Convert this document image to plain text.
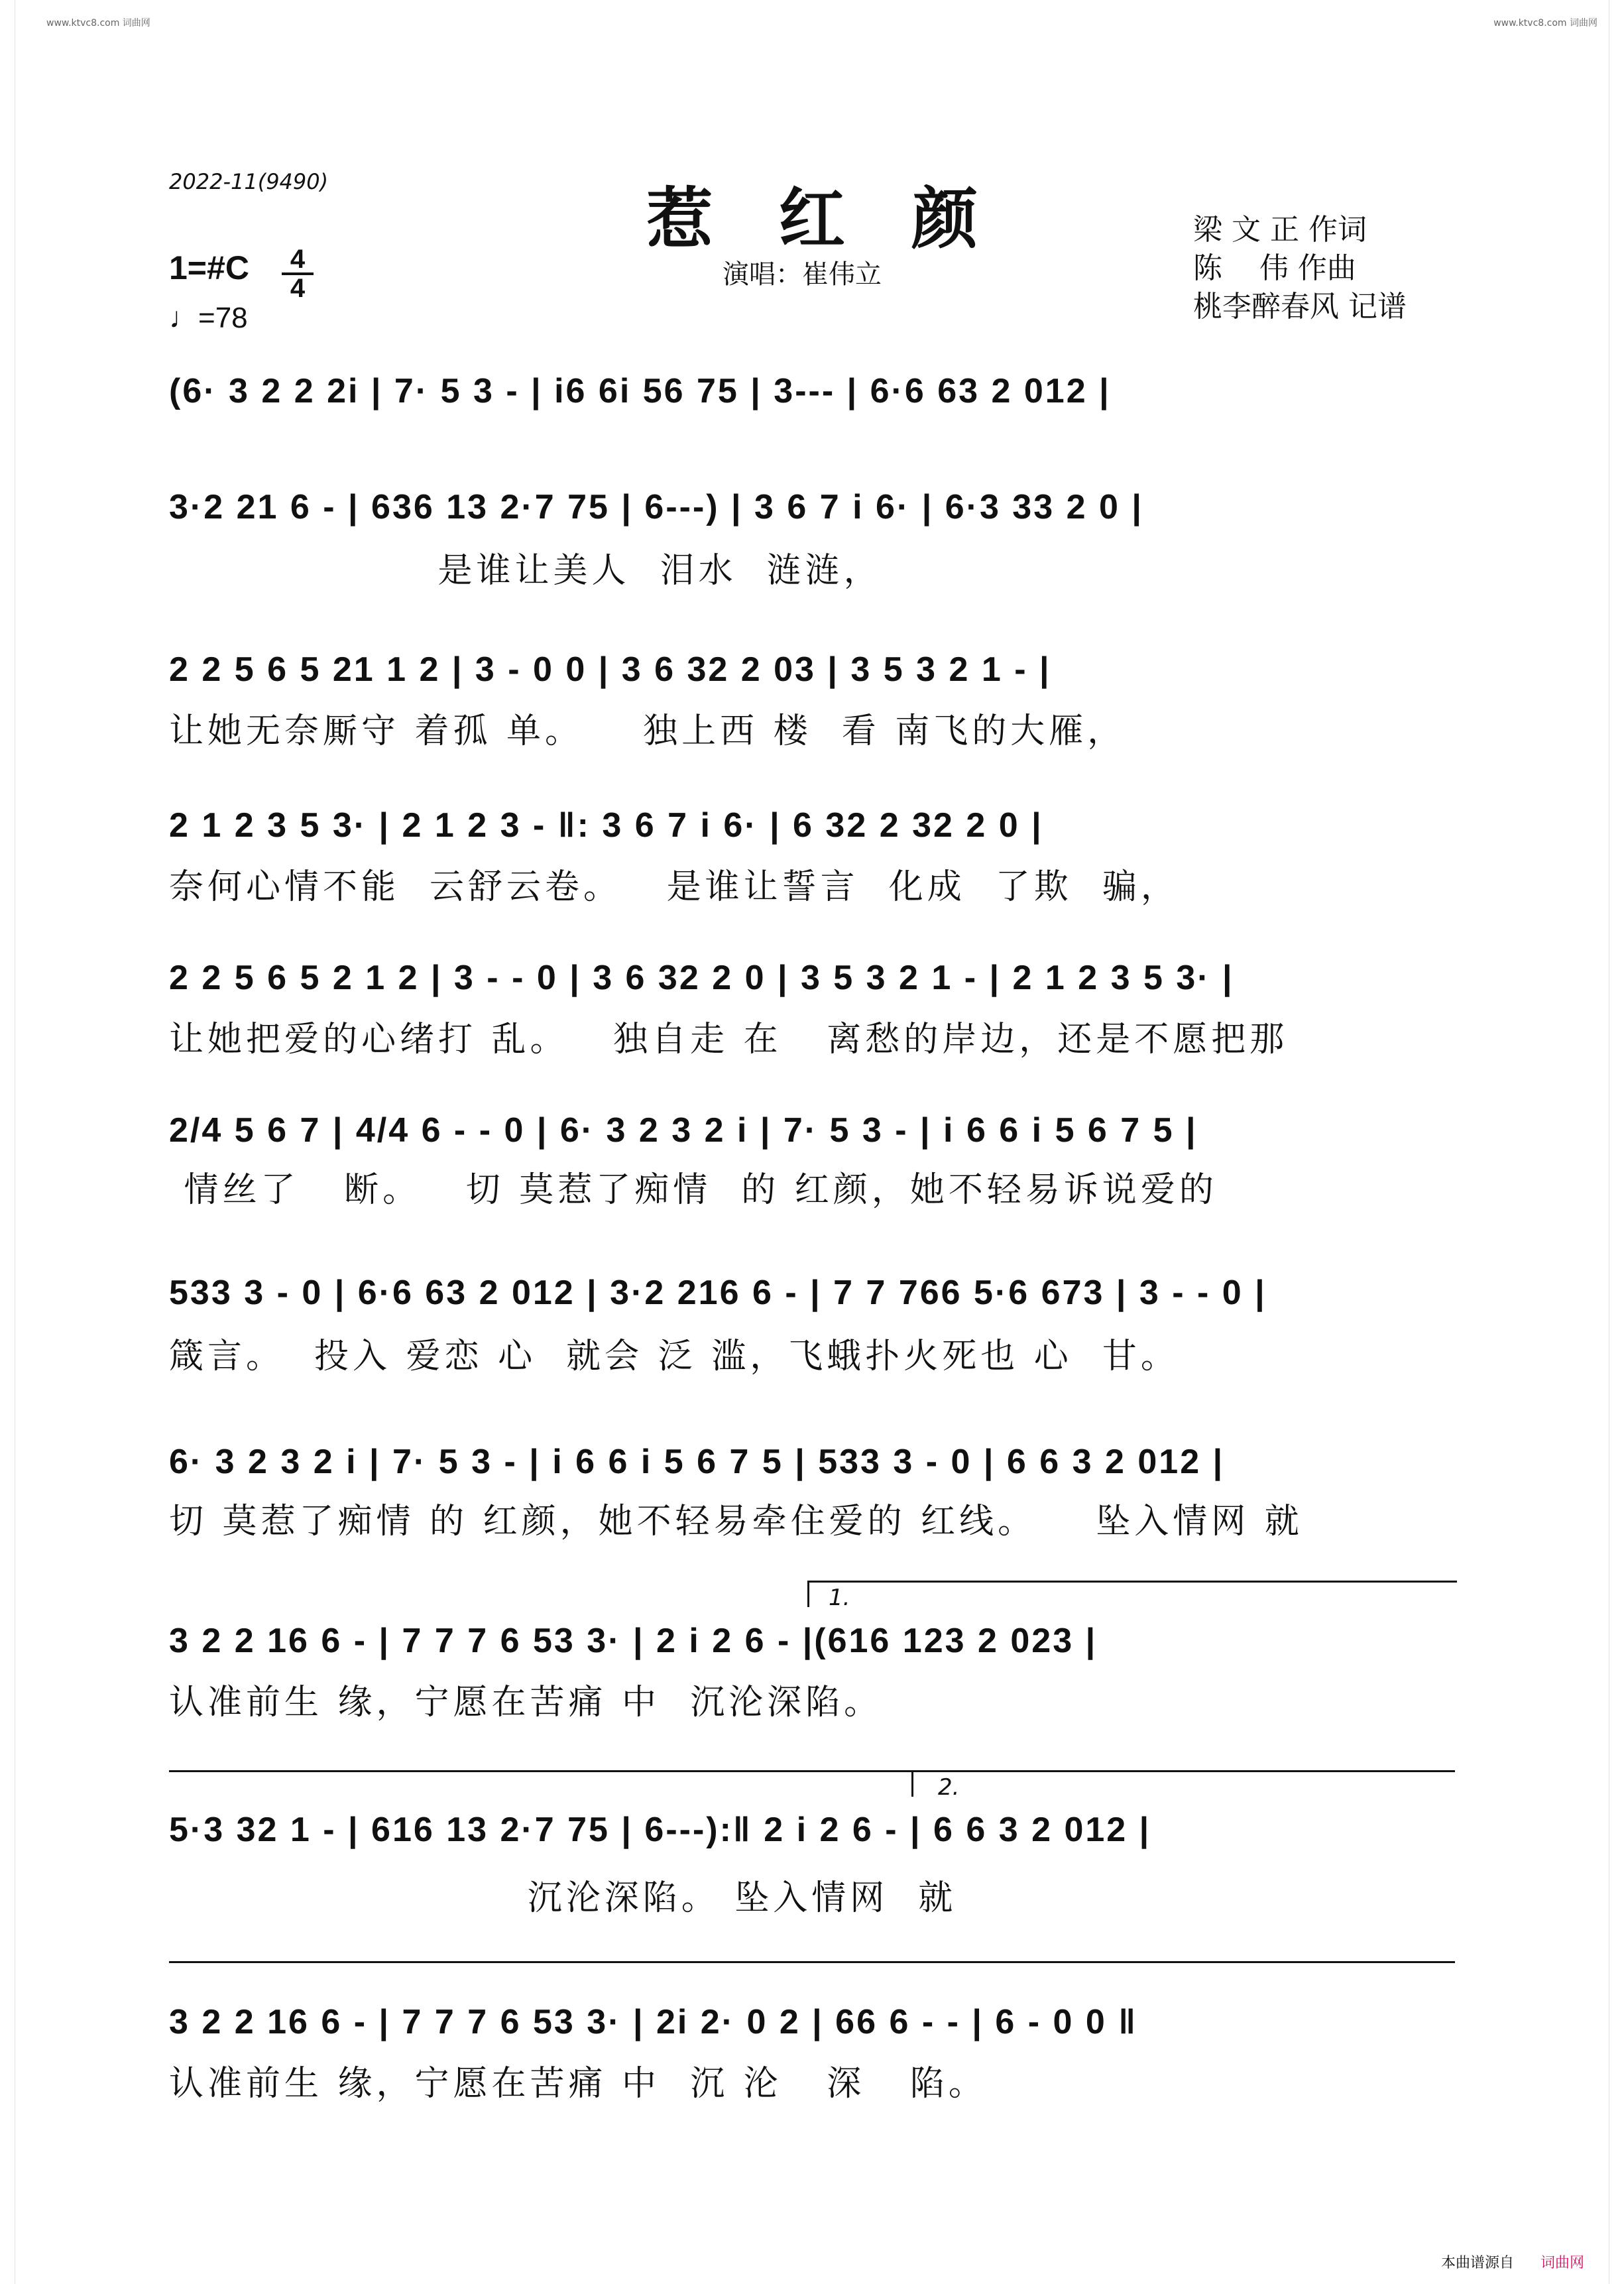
www.ktvc8.com 词曲网	www.ktvc8.com 词曲网
2022-11(9490)	惹红颜
演唱：崔伟立
梁 文 正 作词
陈    伟 作曲
桃李醉春风 记谱
1=#C	4
4
♩=78
(6· 3 2 2 2i | 7· 5 3 - | i6 6i 56 75 | 3--- | 6·6 63 2 012 |
3·2 21 6 - | 636 13 2·7 75 | 6---) | 3 6 7 i 6· | 6·3 33 2 0 |
是谁让美人  泪水  涟涟，
2 2 5 6 5 21 1 2 | 3 - 0 0 | 3 6 32 2 03 | 3 5 3 2 1 - |
让她无奈厮守 着孤 单。    独上西 楼  看 南飞的大雁，
2 1 2 3 5 3· | 2 1 2 3 - ‖: 3 6 7 i 6· | 6 32 2 32 2 0 |
奈何心情不能  云舒云卷。   是谁让誓言  化成  了欺  骗，
2 2 5 6 5 2 1 2 | 3 - - 0 | 3 6 32 2 0 | 3 5 3 2 1 - | 2 1 2 3 5 3· |
让她把爱的心绪打 乱。   独自走 在   离愁的岸边，还是不愿把那
2/4 5 6 7 | 4/4 6 - - 0 | 6· 3 2 3 2 i | 7· 5 3 - | i 6 6 i 5 6 7 5 |
情丝了   断。   切 莫惹了痴情  的 红颜，她不轻易诉说爱的
533 3 - 0 | 6·6 63 2 012 | 3·2 216 6 - | 7 7 766 5·6 673 | 3 - - 0 |
箴言。  投入 爱恋 心  就会 泛 滥，飞蛾扑火死也 心  甘。
6· 3 2 3 2 i | 7· 5 3 - | i 6 6 i 5 6 7 5 | 533 3 - 0 | 6 6 3 2 012 |
切 莫惹了痴情 的 红颜，她不轻易牵住爱的 红线。    坠入情网 就
1.
3 2 2 16 6 - | 7 7 7 6 53 3· | 2 i 2 6 - |(616 123 2 023 |
认准前生 缘，宁愿在苦痛 中  沉沦深陷。
2.
5·3 32 1 - | 616 13 2·7 75 | 6---):‖ 2 i 2 6 - | 6 6 3 2 012 |
沉沦深陷。 坠入情网  就
3 2 2 16 6 - | 7 7 7 6 53 3· | 2i 2· 0 2 | 66 6 - - | 6 - 0 0 ‖
认准前生 缘，宁愿在苦痛 中  沉 沦   深   陷。
本曲谱源自 词曲网
